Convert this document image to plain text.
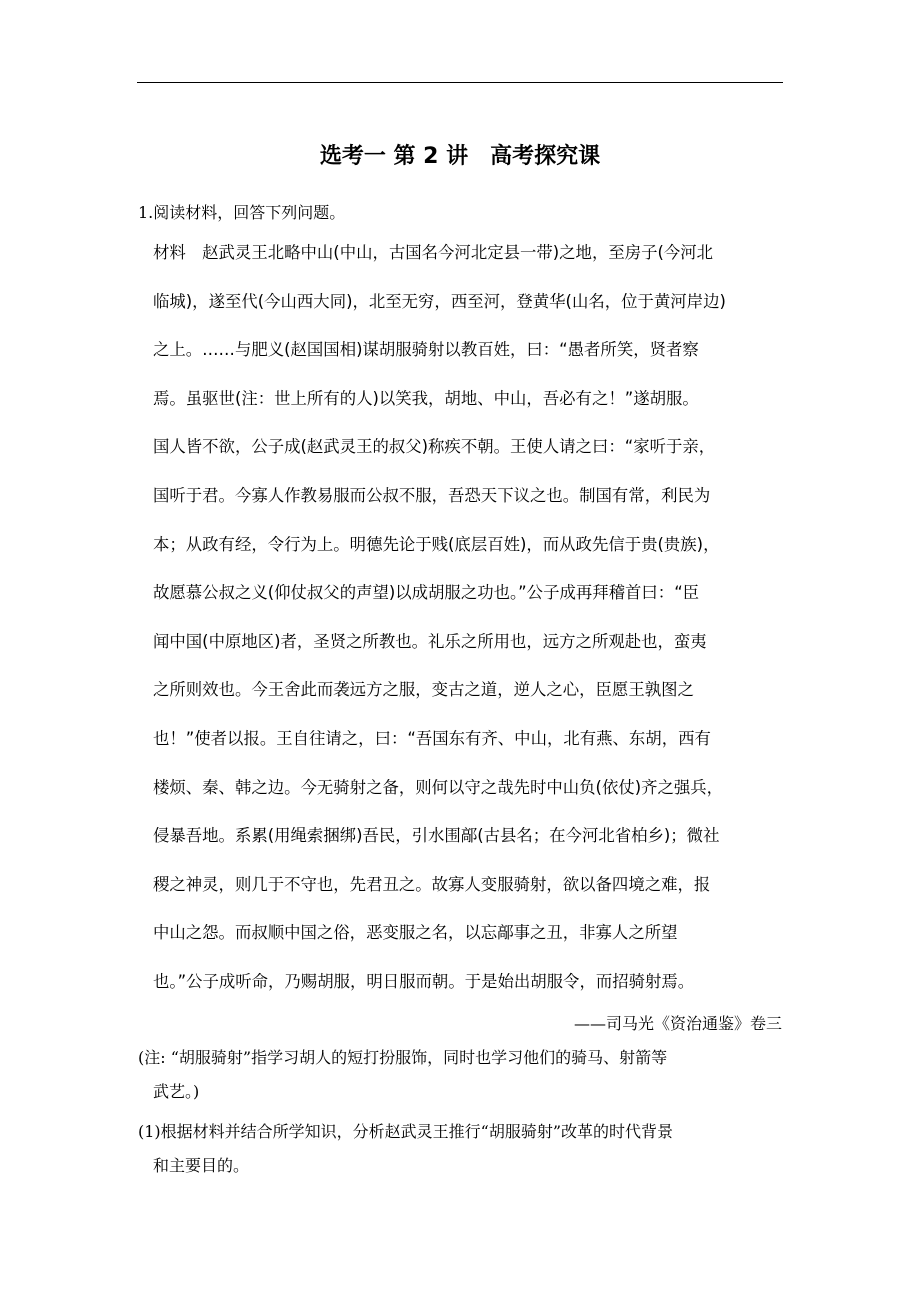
选考一 第 2 讲　高考探究课
1.阅读材料，回答下列问题。
材料　赵武灵王北略中山(中山，古国名今河北定县一带)之地，至房子(今河北
临城)，遂至代(今山西大同)，北至无穷，西至河，登黄华(山名，位于黄河岸边)
之上。……与肥义(赵国国相)谋胡服骑射以教百姓，曰：“愚者所笑，贤者察
焉。虽驱世(注：世上所有的人)以笑我，胡地、中山，吾必有之！”遂胡服。
国人皆不欲，公子成(赵武灵王的叔父)称疾不朝。王使人请之曰：“家听于亲，
国听于君。今寡人作教易服而公叔不服，吾恐天下议之也。制国有常，利民为
本；从政有经，令行为上。明德先论于贱(底层百姓)，而从政先信于贵(贵族)，
故愿慕公叔之义(仰仗叔父的声望)以成胡服之功也。”公子成再拜稽首曰：“臣
闻中国(中原地区)者，圣贤之所教也。礼乐之所用也，远方之所观赴也，蛮夷
之所则效也。今王舍此而袭远方之服，变古之道，逆人之心，臣愿王孰图之
也！”使者以报。王自往请之，曰：“吾国东有齐、中山，北有燕、东胡，西有
楼烦、秦、韩之边。今无骑射之备，则何以守之哉先时中山负(依仗)齐之强兵，
侵暴吾地。系累(用绳索捆绑)吾民，引水围鄗(古县名；在今河北省柏乡)；微社
稷之神灵，则几于不守也，先君丑之。故寡人变服骑射，欲以备四境之难，报
中山之怨。而叔顺中国之俗，恶变服之名，以忘鄗事之丑，非寡人之所望
也。”公子成听命，乃赐胡服，明日服而朝。于是始出胡服令，而招骑射焉。
——司马光《资治通鉴》卷三
(注: “胡服骑射”指学习胡人的短打扮服饰，同时也学习他们的骑马、射箭等
武艺。)
(1)根据材料并结合所学知识，分析赵武灵王推行“胡服骑射”改革的时代背景
和主要目的。
